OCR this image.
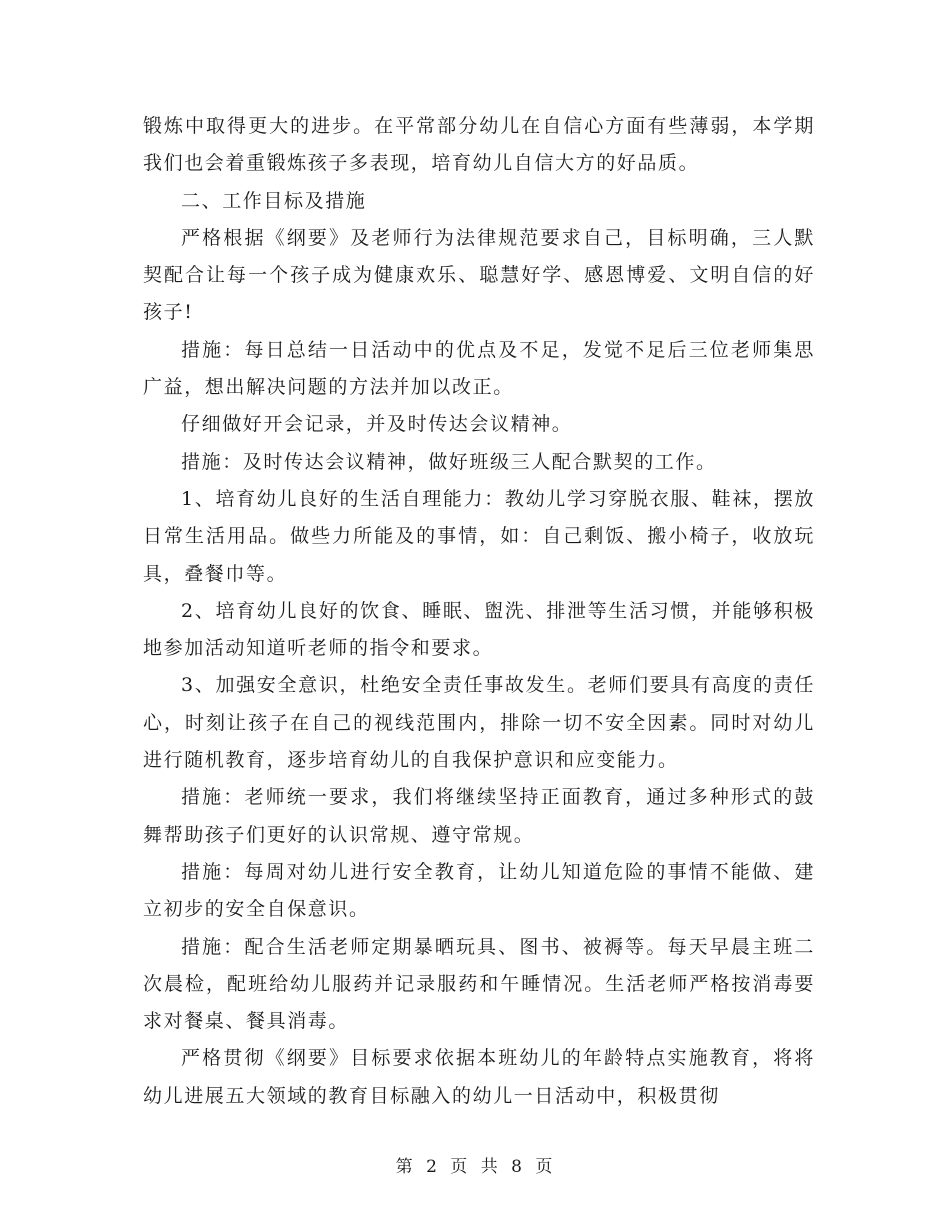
锻炼中取得更大的进步。在平常部分幼儿在自信心方面有些薄弱，本学期我们也会着重锻炼孩子多表现，培育幼儿自信大方的好品质。

二、工作目标及措施

严格根据《纲要》及老师行为法律规范要求自己，目标明确，三人默契配合让每一个孩子成为健康欢乐、聪慧好学、感恩博爱、文明自信的好孩子!

措施：每日总结一日活动中的优点及不足，发觉不足后三位老师集思广益，想出解决问题的方法并加以改正。

仔细做好开会记录，并及时传达会议精神。

措施：及时传达会议精神，做好班级三人配合默契的工作。

1、培育幼儿良好的生活自理能力：教幼儿学习穿脱衣服、鞋袜，摆放日常生活用品。做些力所能及的事情，如：自己剩饭、搬小椅子，收放玩具，叠餐巾等。

2、培育幼儿良好的饮食、睡眠、盥洗、排泄等生活习惯，并能够积极地参加活动知道听老师的指令和要求。

3、加强安全意识，杜绝安全责任事故发生。老师们要具有高度的责任心，时刻让孩子在自己的视线范围内，排除一切不安全因素。同时对幼儿进行随机教育，逐步培育幼儿的自我保护意识和应变能力。

措施：老师统一要求，我们将继续坚持正面教育，通过多种形式的鼓舞帮助孩子们更好的认识常规、遵守常规。

措施：每周对幼儿进行安全教育，让幼儿知道危险的事情不能做、建立初步的安全自保意识。

措施：配合生活老师定期暴晒玩具、图书、被褥等。每天早晨主班二次晨检，配班给幼儿服药并记录服药和午睡情况。生活老师严格按消毒要求对餐桌、餐具消毒。

严格贯彻《纲要》目标要求依据本班幼儿的年龄特点实施教育，将将幼儿进展五大领域的教育目标融入的幼儿一日活动中，积极贯彻

第 2 页 共 8 页
